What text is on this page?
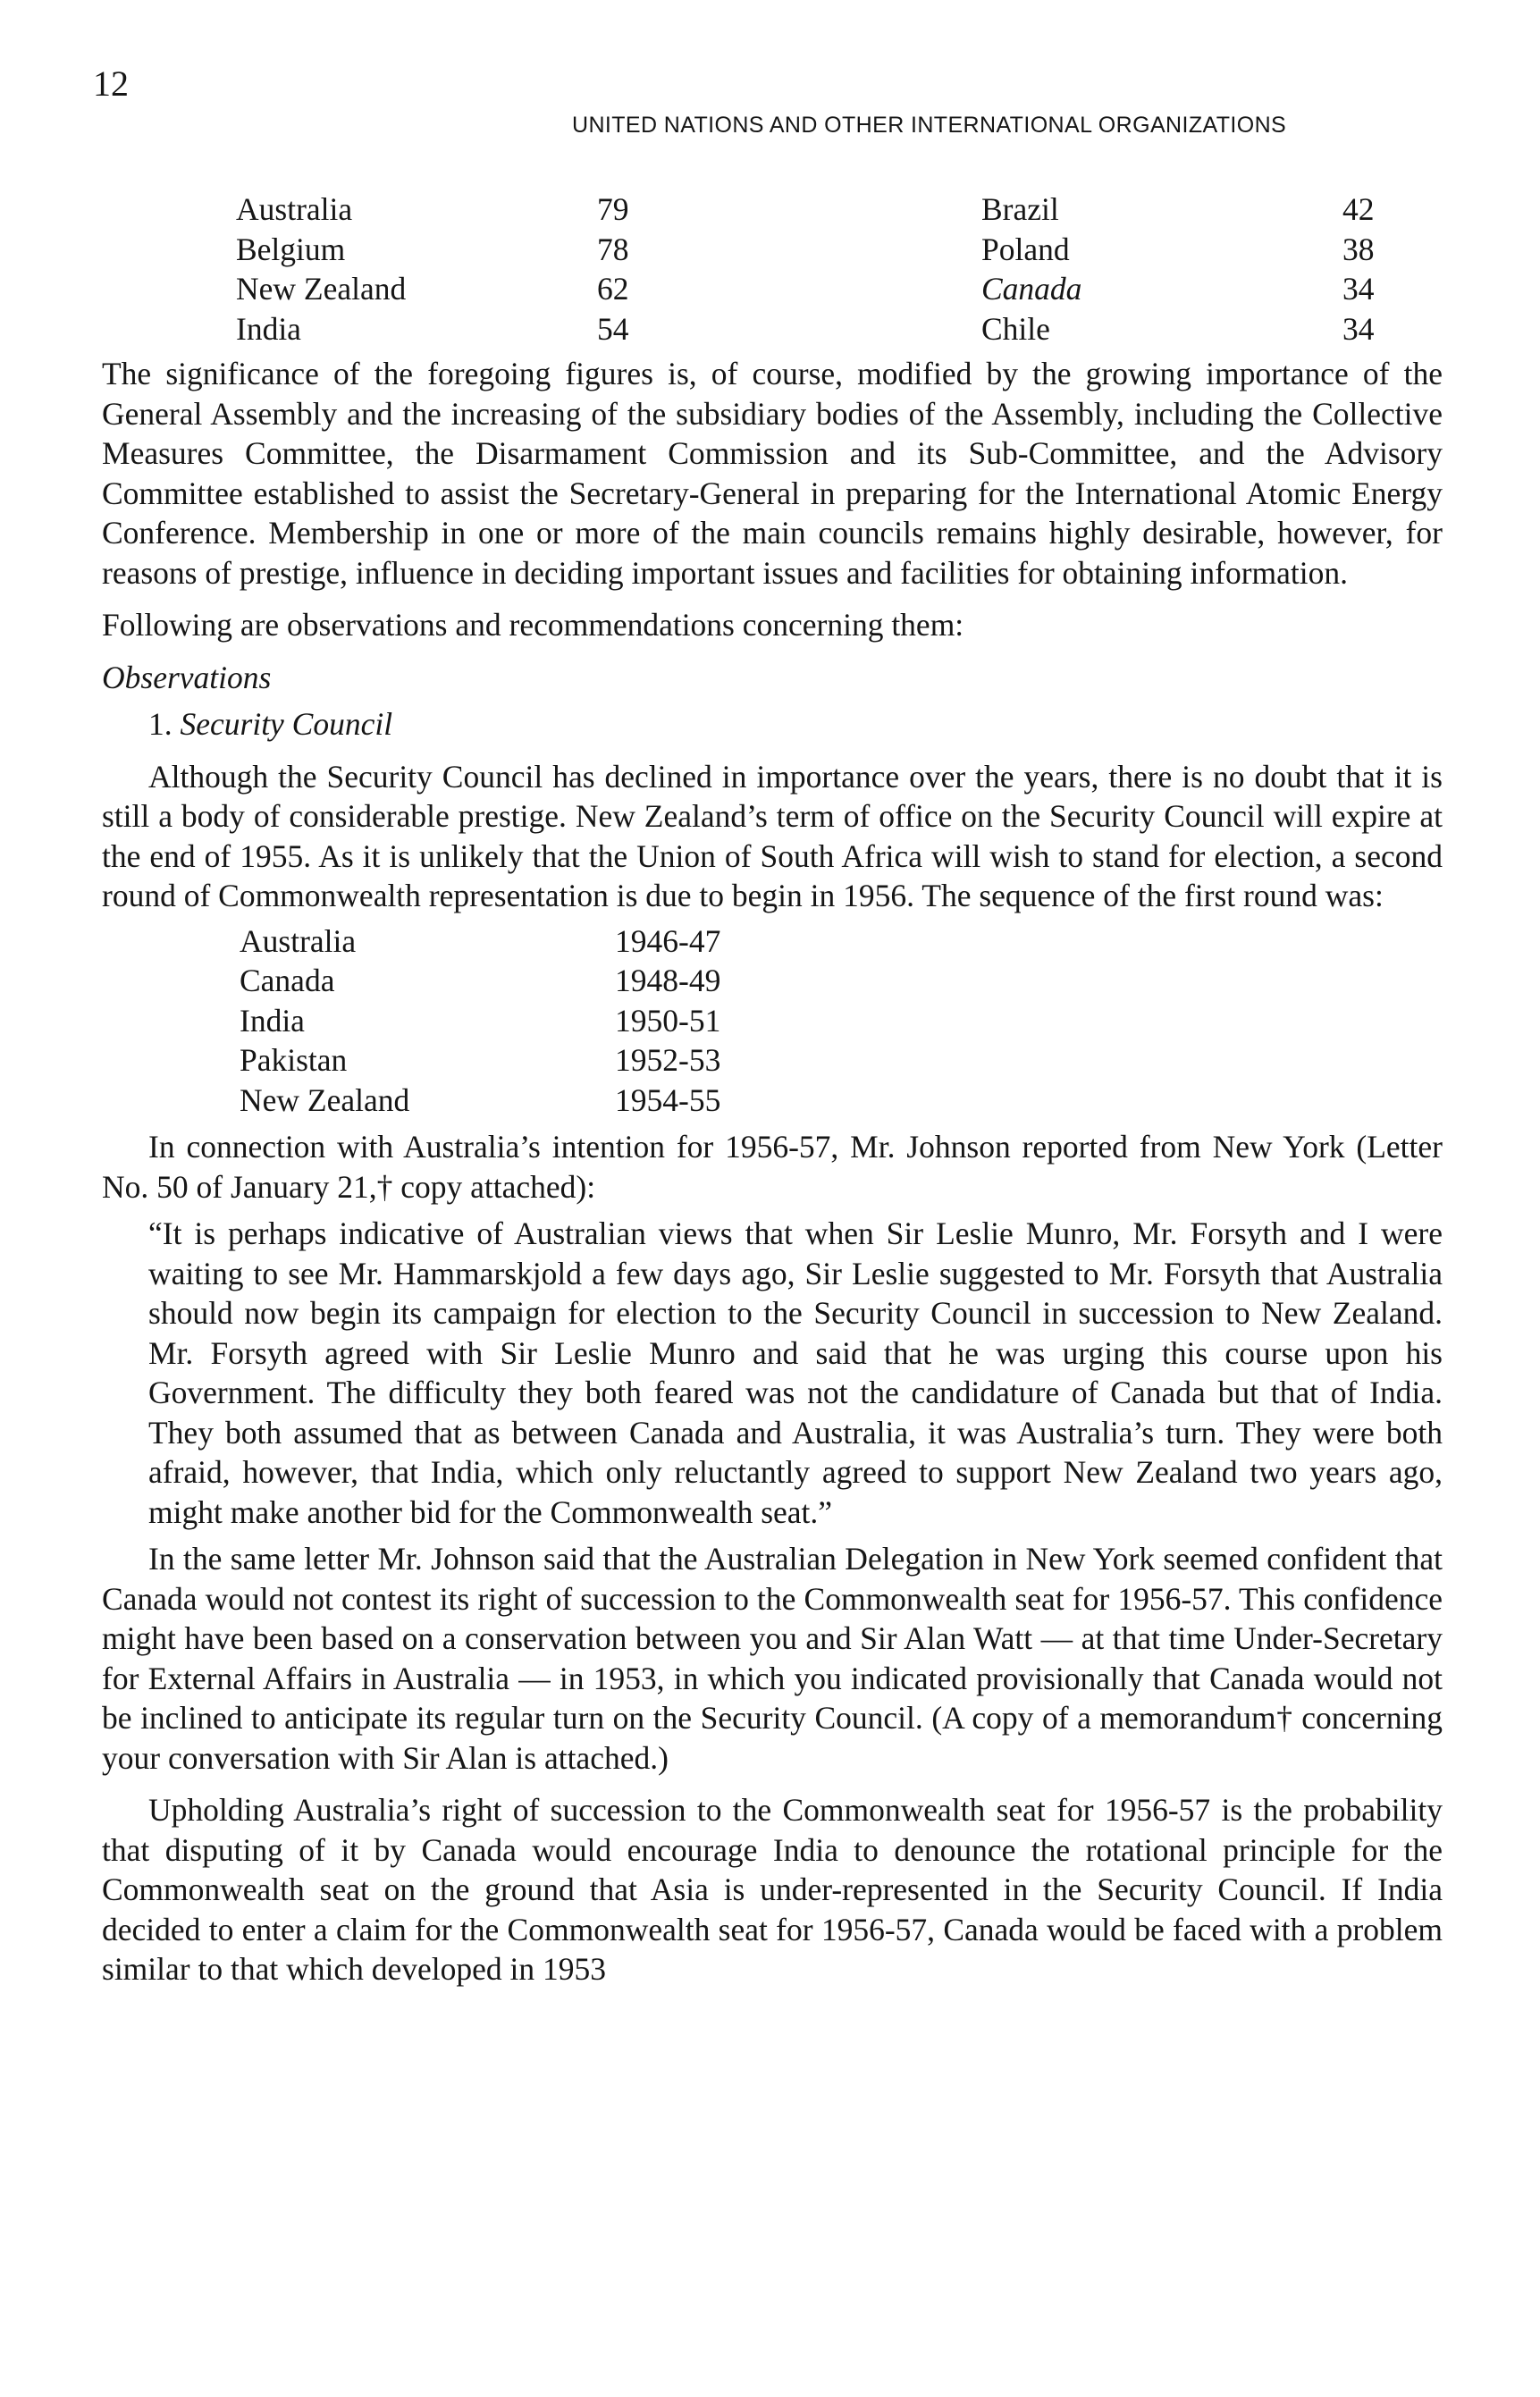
12
UNITED NATIONS AND OTHER INTERNATIONAL ORGANIZATIONS
Australia	79	Brazil	42
Belgium	78	Poland	38
New Zealand	62	Canada	34
India	54	Chile	34

The significance of the foregoing figures is, of course, modified by the growing importance of the General Assembly and the increasing of the subsidiary bodies of the Assembly, including the Collective Measures Committee, the Disarmament Commission and its Sub-Committee, and the Advisory Committee established to assist the Secretary-General in preparing for the International Atomic Energy Conference. Membership in one or more of the main councils remains highly desirable, however, for reasons of prestige, influence in deciding important issues and facilities for obtaining information.

Following are observations and recommendations concerning them:

Observations

1. Security Council

Although the Security Council has declined in importance over the years, there is no doubt that it is still a body of considerable prestige. New Zealand’s term of office on the Security Council will expire at the end of 1955. As it is unlikely that the Union of South Africa will wish to stand for election, a second round of Commonwealth representation is due to begin in 1956. The sequence of the first round was:

Australia	1946-47
Canada	1948-49
India	1950-51
Pakistan	1952-53
New Zealand	1954-55

In connection with Australia’s intention for 1956-57, Mr. Johnson reported from New York (Letter No. 50 of January 21,† copy attached):

“It is perhaps indicative of Australian views that when Sir Leslie Munro, Mr. Forsyth and I were waiting to see Mr. Hammarskjold a few days ago, Sir Leslie suggested to Mr. Forsyth that Australia should now begin its campaign for election to the Security Council in succession to New Zealand. Mr. Forsyth agreed with Sir Leslie Munro and said that he was urging this course upon his Government. The difficulty they both feared was not the candidature of Canada but that of India. They both assumed that as between Canada and Australia, it was Australia’s turn. They were both afraid, however, that India, which only reluctantly agreed to support New Zealand two years ago, might make another bid for the Commonwealth seat.”

In the same letter Mr. Johnson said that the Australian Delegation in New York seemed confident that Canada would not contest its right of succession to the Commonwealth seat for 1956-57. This confidence might have been based on a conservation between you and Sir Alan Watt — at that time Under-Secretary for External Affairs in Australia — in 1953, in which you indicated provisionally that Canada would not be inclined to anticipate its regular turn on the Security Council. (A copy of a memorandum† concerning your conversation with Sir Alan is attached.)

Upholding Australia’s right of succession to the Commonwealth seat for 1956-57 is the probability that disputing of it by Canada would encourage India to denounce the rotational principle for the Commonwealth seat on the ground that Asia is under-represented in the Security Council. If India decided to enter a claim for the Commonwealth seat for 1956-57, Canada would be faced with a problem similar to that which developed in 1953
